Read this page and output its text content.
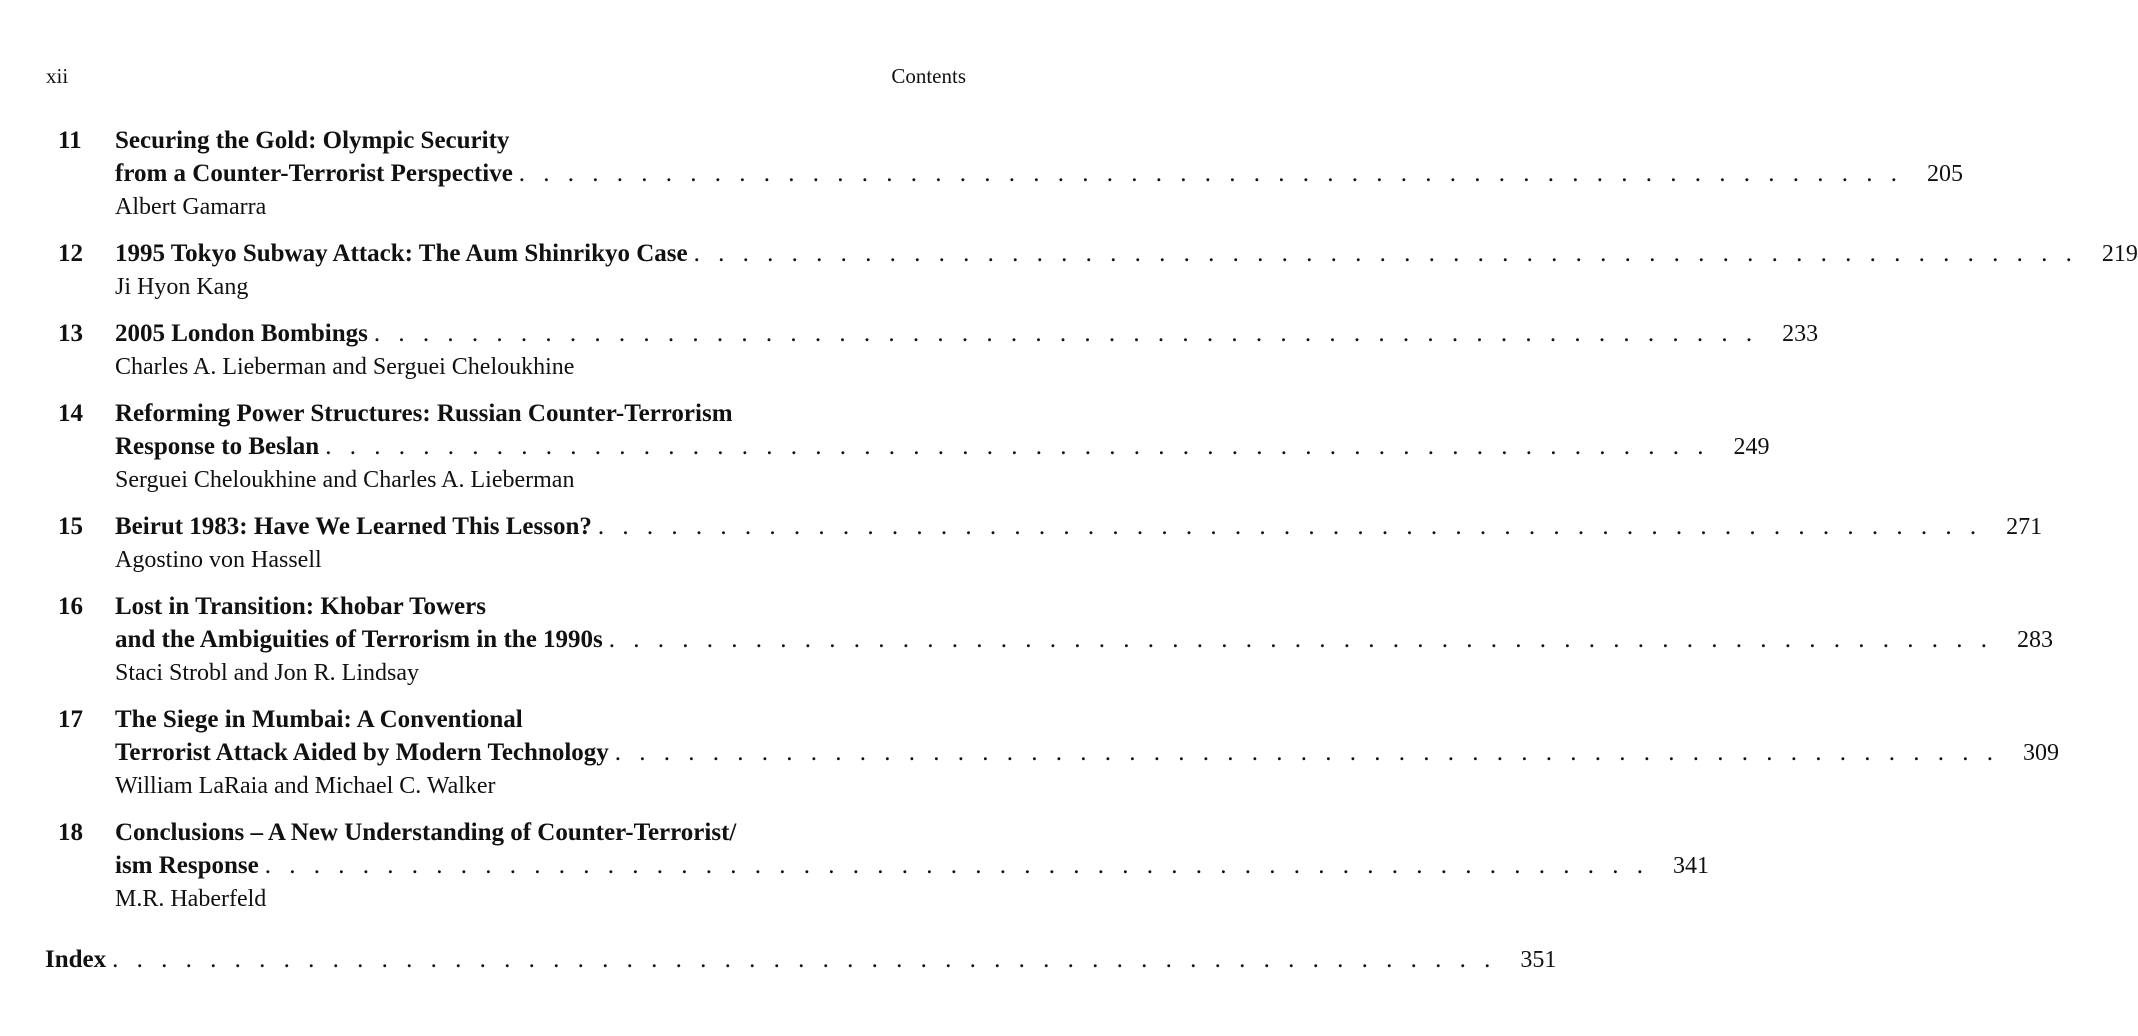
xii	Contents
11 Securing the Gold: Olympic Security
from a Counter-Terrorist Perspective . . . . . . . . . . . . . . . . . . . . . . . . . . . . . . . . . . . . . . . . . . . . . . . . . . . . . . . . .	205
Albert Gamarra
12 1995 Tokyo Subway Attack: The Aum Shinrikyo Case . . . . . . . . . . . . . . . . . . . . . . . . . . . . . . . . . . . . . . . . . . . . . . . . . . . . . . . . .	219
Ji Hyon Kang
13 2005 London Bombings . . . . . . . . . . . . . . . . . . . . . . . . . . . . . . . . . . . . . . . . . . . . . . . . . . . . . . . . .	233
Charles A. Lieberman and Serguei Cheloukhine
14 Reforming Power Structures: Russian Counter-Terrorism
Response to Beslan . . . . . . . . . . . . . . . . . . . . . . . . . . . . . . . . . . . . . . . . . . . . . . . . . . . . . . . . .	249
Serguei Cheloukhine and Charles A. Lieberman
15 Beirut 1983: Have We Learned This Lesson? . . . . . . . . . . . . . . . . . . . . . . . . . . . . . . . . . . . . . . . . . . . . . . . . . . . . . . . . .	271
Agostino von Hassell
16 Lost in Transition: Khobar Towers
and the Ambiguities of Terrorism in the 1990s . . . . . . . . . . . . . . . . . . . . . . . . . . . . . . . . . . . . . . . . . . . . . . . . . . . . . . . . .	283
Staci Strobl and Jon R. Lindsay
17 The Siege in Mumbai: A Conventional
Terrorist Attack Aided by Modern Technology . . . . . . . . . . . . . . . . . . . . . . . . . . . . . . . . . . . . . . . . . . . . . . . . . . . . . . . . .	309
William LaRaia and Michael C. Walker
18 Conclusions – A New Understanding of Counter-Terrorist/
ism Response . . . . . . . . . . . . . . . . . . . . . . . . . . . . . . . . . . . . . . . . . . . . . . . . . . . . . . . . .	341
M.R. Haberfeld
Index . . . . . . . . . . . . . . . . . . . . . . . . . . . . . . . . . . . . . . . . . . . . . . . . . . . . . . . . .	351
